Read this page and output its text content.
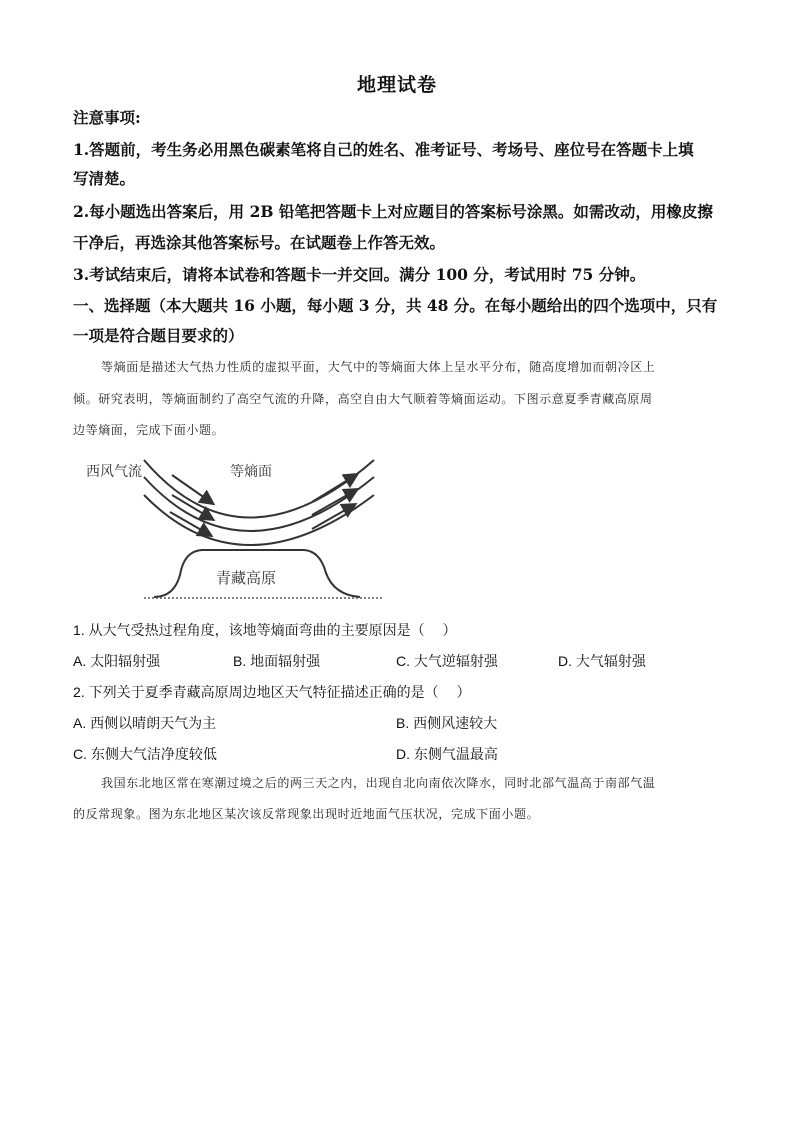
地理试卷
注意事项:
1.答题前，考生务必用黑色碳素笔将自己的姓名、准考证号、考场号、座位号在答题卡上填
写清楚。
2.每小题选出答案后，用 2B 铅笔把答题卡上对应题目的答案标号涂黑。如需改动，用橡皮擦
干净后，再选涂其他答案标号。在试题卷上作答无效。
3.考试结束后，请将本试卷和答题卡一并交回。满分 100 分，考试用时 75 分钟。
一、选择题（本大题共 16 小题，每小题 3 分，共 48 分。在每小题给出的四个选项中，只有
一项是符合题目要求的）
等熵面是描述大气热力性质的虚拟平面，大气中的等熵面大体上呈水平分布，随高度增加而朝冷区上
倾。研究表明，等熵面制约了高空气流的升降，高空自由大气顺着等熵面运动。下图示意夏季青藏高原周
边等熵面，完成下面小题。
西风气流	等熵面
青藏高原
1. 从大气受热过程角度，该地等熵面弯曲的主要原因是（　 ）
A. 太阳辐射强	B. 地面辐射强	C. 大气逆辐射强	D. 大气辐射强
2. 下列关于夏季青藏高原周边地区天气特征描述正确的是（　 ）
A. 西侧以晴朗天气为主	B. 西侧风速较大
C. 东侧大气洁净度较低	D. 东侧气温最高
我国东北地区常在寒潮过境之后的两三天之内，出现自北向南依次降水，同时北部气温高于南部气温
的反常现象。图为东北地区某次该反常现象出现时近地面气压状况，完成下面小题。
